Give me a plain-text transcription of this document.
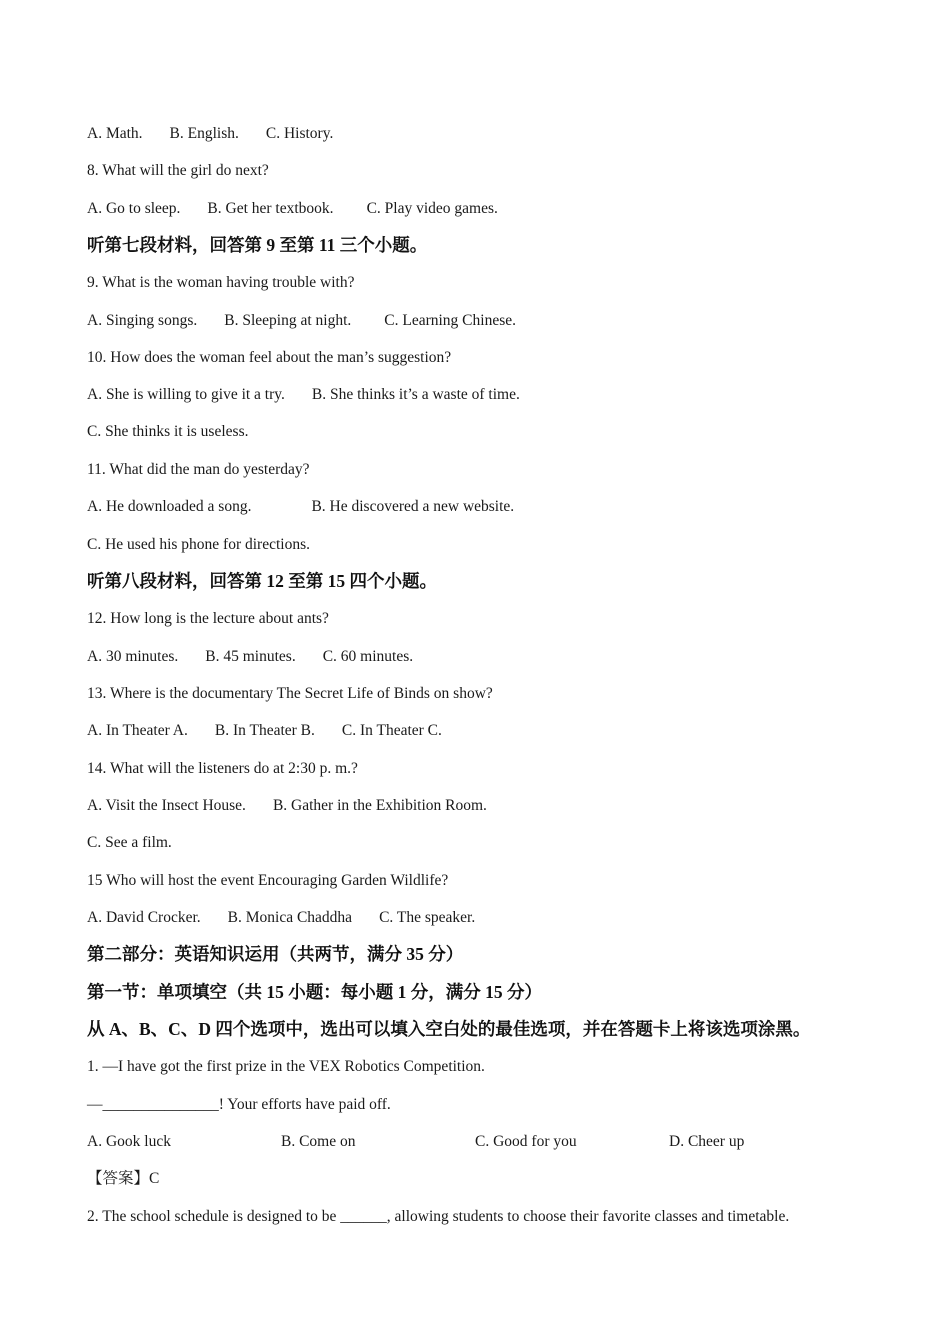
A. Math. B. English. C. History.
8. What will the girl do next?
A. Go to sleep. B. Get her textbook. C. Play video games.
听第七段材料，回答第 9 至第 11 三个小题。
9. What is the woman having trouble with?
A. Singing songs. B. Sleeping at night. C. Learning Chinese.
10. How does the woman feel about the man’s suggestion?
A. She is willing to give it a try. B. She thinks it’s a waste of time.
C. She thinks it is useless.
11. What did the man do yesterday?
A. He downloaded a song.	B. He discovered a new website.
C. He used his phone for directions.
听第八段材料，回答第 12 至第 15 四个小题。
12. How long is the lecture about ants?
A. 30 minutes. B. 45 minutes. C. 60 minutes.
13. Where is the documentary The Secret Life of Binds on show?
A. In Theater A. B. In Theater B. C. In Theater C.
14. What will the listeners do at 2:30 p. m.?
A. Visit the Insect House. B. Gather in the Exhibition Room.
C. See a film.
15 Who will host the event Encouraging Garden Wildlife?
A. David Crocker. B. Monica Chaddha C. The speaker.
第二部分：英语知识运用（共两节，满分 35 分）
第一节：单项填空（共 15 小题：每小题 1 分，满分 15 分）
从 A、B、C、D 四个选项中，选出可以填入空白处的最佳选项，并在答题卡上将该选项涂黑。
1. —I have got the first prize in the VEX Robotics Competition.
—_______________! Your efforts have paid off.
A. Gook luck	B. Come on	C. Good for you	D. Cheer up
【答案】C
2. The school schedule is designed to be ______, allowing students to choose their favorite classes and timetable.
